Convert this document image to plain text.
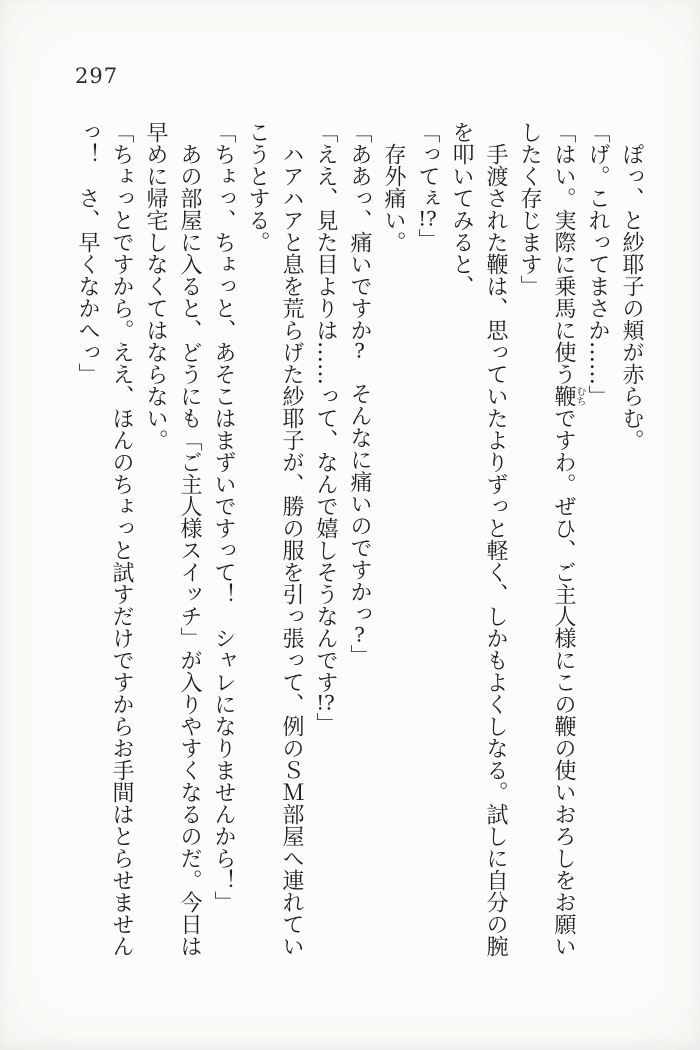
297
　ぽっ、と紗耶子の頬が赤らむ。
「げ。これってまさか……」
「はい。実際に乗馬に使う鞭むちですわ。ぜひ、ご主人様にこの鞭の使いおろしをお願い
したく存じます」
　手渡された鞭は、思っていたよりずっと軽く、しかもよくしなる。試しに自分の腕
を叩いてみると、
「ってぇ!?」
　存外痛い。
「ああっ、痛いですか?　そんなに痛いのですかっ?」
「ええ、見た目よりは……って、なんで嬉しそうなんです!?」
　ハアハアと息を荒らげた紗耶子が、勝の服を引っ張って、例のＳＭ部屋へ連れてい
こうとする。
「ちょっ、ちょっと、あそこはまずいですって！　シャレになりませんから！」
　あの部屋に入ると、どうにも「ご主人様スイッチ」が入りやすくなるのだ。今日は
早めに帰宅しなくてはならない。
「ちょっとですから。ええ、ほんのちょっと試すだけですからお手間はとらせません
っ！　さ、早くなかへっ」
